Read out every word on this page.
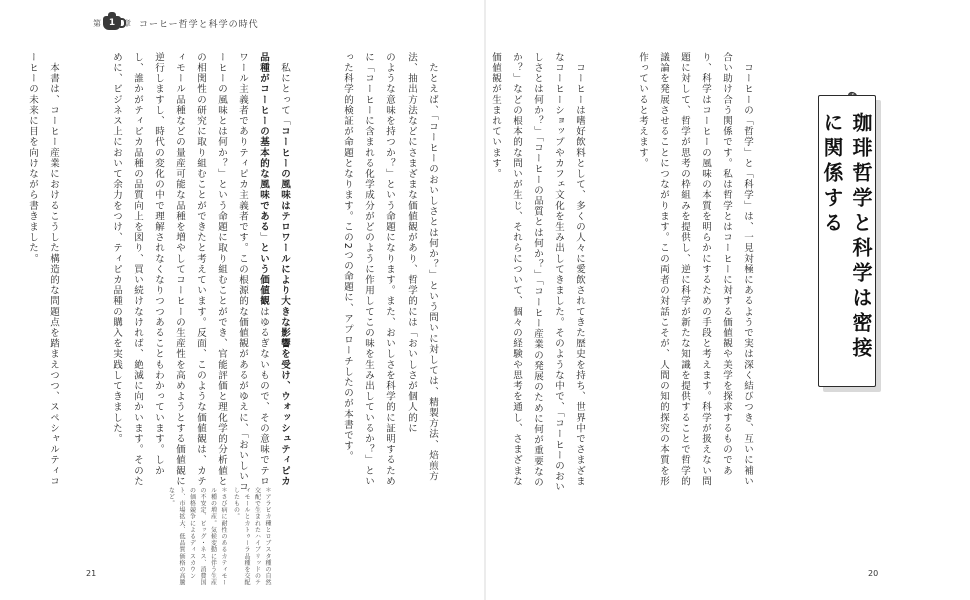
第 1 章 コーヒー哲学と科学の時代
珈琲哲学と科学は密接に関係する

　コーヒーの「哲学」と「科学」は、一見対極にあるようで実は深く結びつき、互いに補い合い助け合う関係です。私は哲学とはコーヒーに対する価値観や美学を探求するものであり、科学はコーヒーの風味の本質を明らかにするための手段と考えます。科学が扱えない問題に対して、哲学が思考の枠組みを提供し、逆に科学が新たな知識を提供することで哲学的議論を発展させることにつながります。この両者の対話こそが、人間の知的探究の本質を形作っていると考えます。

　コーヒーは嗜好飲料として、多くの人々に愛飲されてきた歴史を持ち、世界中でさまざまなコーヒーショップやカフェ文化を生み出してきました。そのような中で、「コーヒーのおいしさとは何か？」「コーヒーの品質とは何か？」「コーヒー産業の発展のために何が重要なのか？」などの根本的な問いが生じ、それらについて、個々の経験や思考を通し、さまざまな価値観が生まれています。

　たとえば、「コーヒーのおいしさとは何か？」という問いに対しては、精製方法、焙煎方法、抽出方法などにさまざまな価値観があり、哲学的には「おいしさが個人的に

のような意味を持つか？」という命題になります。また、おいしさを科学的に証明するために「コーヒーに含まれる化学成分がどのように作用してこの味を生み出しているか？」といった科学的検証が命題となります。この2つの命題に、アプローチしたのが本書です。

　私にとって「コーヒーの風味はテロワールにより大きな影響を受け、ウォッシュティピカ品種がコーヒーの基本的な風味である」という価値観はゆるぎないもので、その意味でテロワール主義者でありティピカ主義者です。この根源的な価値観があるがゆえに、「おいしいコーヒーの風味とは何か？」という命題に取り組むことができ、官能評価と理化学的分析値との相関性の研究に取り組むことができたと考えています。反面、このような価値観は、カティモール品種などの量産可能な品種を増やしてコーヒーの生産性を高めようとする価値観に逆行しますし、時代の変化の中で理解されなくなりつつあることもわかっています。しかし、誰かがティピカ品種の品質向上を図り、買い続けなければ、絶滅に向かいます。そのために、ビジネス上において余力をつけ、ティピカ品種の購入を実践してきました。

　本書は、コーヒー産業におけるこうした構造的な問題点を踏まえつつ、スペシャルティコーヒーの未来に目を向けながら書きました。

＊アラビカ種とロブスタ種の自然交配で生まれたハイブリッドのティモールとカトゥーラ品種を交配したもの。
＊さび病に耐性のあるカティモール種の増産。気候変動に伴う生産の不安定、ビッグ・ネス、消費国の価格競争によるディスカウント、市場拡大、低品質価格の高騰など。
21	20
